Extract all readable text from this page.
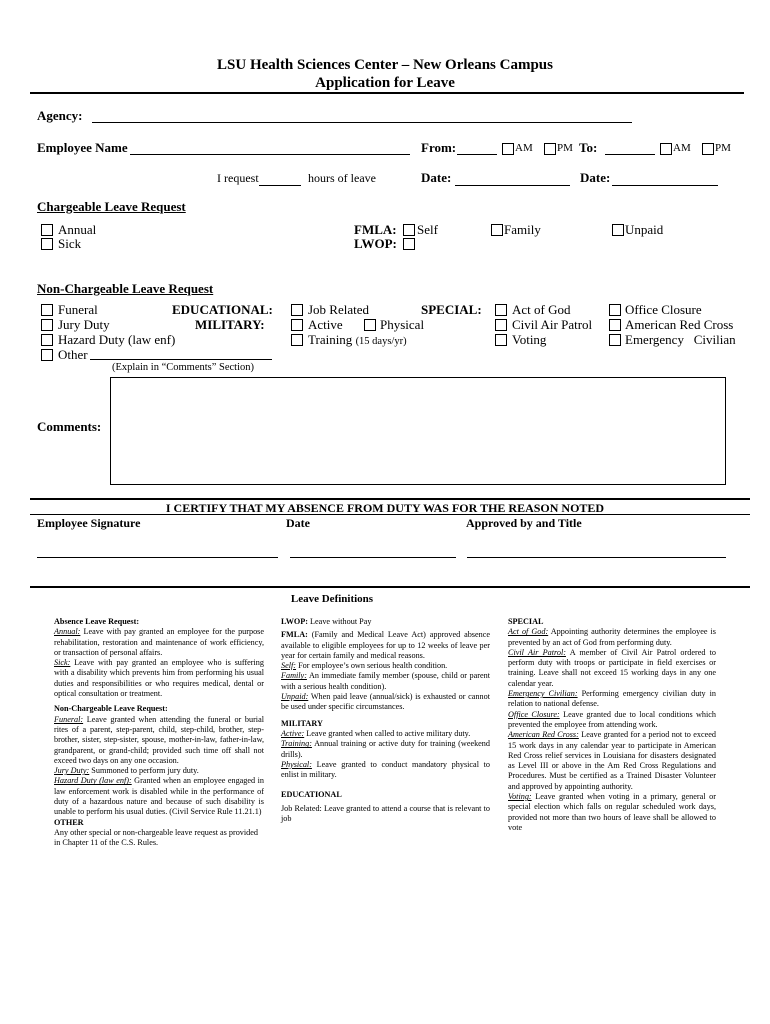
LSU Health Sciences Center – New Orleans Campus
Application for Leave
Agency:
Employee Name	From:	AM PM To:	AM PM
I request	hours of leave	Date:	Date:
Chargeable Leave Request
Annual
Sick
FMLA: Self	Family	Unpaid
LWOP:
Non-Chargeable Leave Request
Funeral
Jury Duty
Hazard Duty (law enf)
Other
(Explain in “Comments” Section)
EDUCATIONAL:
MILITARY:
Job Related
Active	Physical
Training (15 days/yr)
SPECIAL: Act of God
Civil Air Patrol
Voting
Office Closure
American Red Cross
Emergency   Civilian
Comments:
I CERTIFY THAT MY ABSENCE FROM DUTY WAS FOR THE REASON NOTED
Employee Signature	Date	Approved by and Title
Leave Definitions

Absence Leave Request:

Annual: Leave with pay granted an employee for the purpose rehabilitation, restoration and maintenance of work efficiency, or transaction of personal affairs.

Sick: Leave with pay granted an employee who is suffering with a disability which prevents him from performing his usual duties and responsibilities or who requires medical, dental or optical consultation or treatment.

Non-Chargeable Leave Request:

Funeral: Leave granted when attending the funeral or burial rites of a parent, step-parent, child, step-child, brother, step-brother, sister, step-sister, spouse, mother-in-law, father-in-law, grandparent, or grand-child; provided such time off shall not exceed two days on any one occasion.

Jury Duty: Summoned to perform jury duty.

Hazard Duty (law enf): Granted when an employee engaged in law enforcement work is disabled while in the performance of duty of a hazardous nature and because of such disability is unable to perform his usual duties. (Civil Service Rule 11.21.1)

OTHER

Any other special or non-chargeable leave request as provided in Chapter 11 of the C.S. Rules.

LWOP: Leave without Pay

FMLA: (Family and Medical Leave Act) approved absence available to eligible employees for up to 12 weeks of leave per year for certain family and medical reasons.

Self: For employee’s own serious health condition.

Family: An immediate family member (spouse, child or parent with a serious health condition).

Unpaid: When paid leave (annual/sick) is exhausted or cannot be used under specific circumstances.

MILITARY

Active: Leave granted when called to active military duty.

Training: Annual training or active duty for training (weekend drills).

Physical: Leave granted to conduct mandatory physical to enlist in military.

EDUCATIONAL

Job Related: Leave granted to attend a course that is relevant to job

SPECIAL

Act of God: Appointing authority determines the employee is prevented by an act of God from performing duty.

Civil Air Patrol: A member of Civil Air Patrol ordered to perform duty with troops or participate in field exercises or training. Leave shall not exceed 15 working days in any one calendar year.

Emergency Civilian: Performing emergency civilian duty in relation to national defense.

Office Closure: Leave granted due to local conditions which prevented the employee from attending work.

American Red Cross: Leave granted for a period not to exceed 15 work days in any calendar year to participate in American Red Cross relief services in Louisiana for disasters designated as Level III or above in the Am Red Cross Regulations and Procedures. Must be certified as a Trained Disaster Volunteer and approved by appointing authority.

Voting: Leave granted when voting in a primary, general or special election which falls on regular scheduled work days, provided not more than two hours of leave shall be allowed to vote
